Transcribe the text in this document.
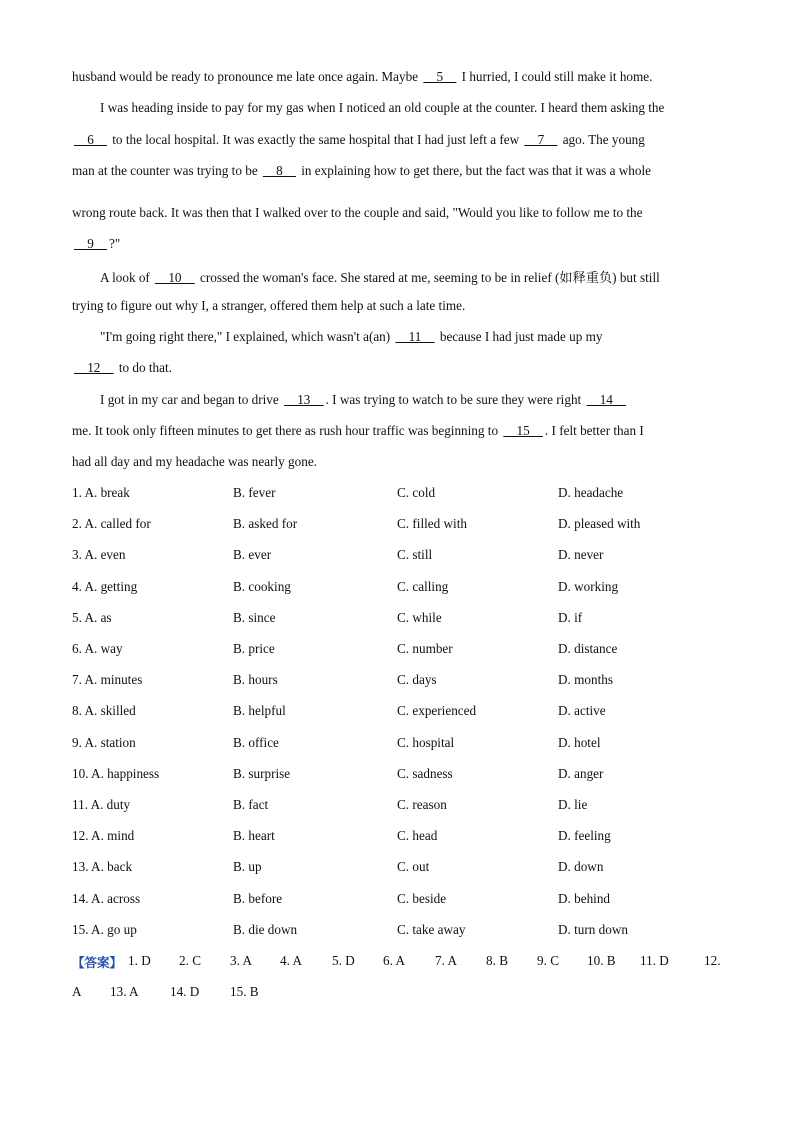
husband would be ready to pronounce me late once again. Maybe     5     I hurried, I could still make it home.
I was heading inside to pay for my gas when I noticed an old couple at the counter. I heard them asking the
6     to the local hospital. It was exactly the same hospital that I had just left a few     7     ago. The young
man at the counter was trying to be     8     in explaining how to get there, but the fact was that it was a whole
wrong route back. It was then that I walked over to the couple and said, "Would you like to follow me to the
9    ?"
A look of     10     crossed the woman's face. She stared at me, seeming to be in relief (如释重负) but still
trying to figure out why I, a stranger, offered them help at such a late time.
"I'm going right there," I explained, which wasn't a(an)     11     because I had just made up my
12     to do that.
I got in my car and began to drive     13    . I was trying to watch to be sure they were right     14
me. It took only fifteen minutes to get there as rush hour traffic was beginning to     15    . I felt better than I
had all day and my headache was nearly gone.
1. A. break	B. fever	C. cold	D. headache
2. A. called for	B. asked for	C. filled with	D. pleased with
3. A. even	B. ever	C. still	D. never
4. A. getting	B. cooking	C. calling	D. working
5. A. as	B. since	C. while	D. if
6. A. way	B. price	C. number	D. distance
7. A. minutes	B. hours	C. days	D. months
8. A. skilled	B. helpful	C. experienced	D. active
9. A. station	B. office	C. hospital	D. hotel
10. A. happiness	B. surprise	C. sadness	D. anger
11. A. duty	B. fact	C. reason	D. lie
12. A. mind	B. heart	C. head	D. feeling
13. A. back	B. up	C. out	D. down
14. A. across	B. before	C. beside	D. behind
15. A. go up	B. die down	C. take away	D. turn down
【答案】 1. D 2. C 3. A 4. A 5. D 6. A 7. A 8. B 9. C 10. B 11. D	12.
A 13. A 14. D 15. B
